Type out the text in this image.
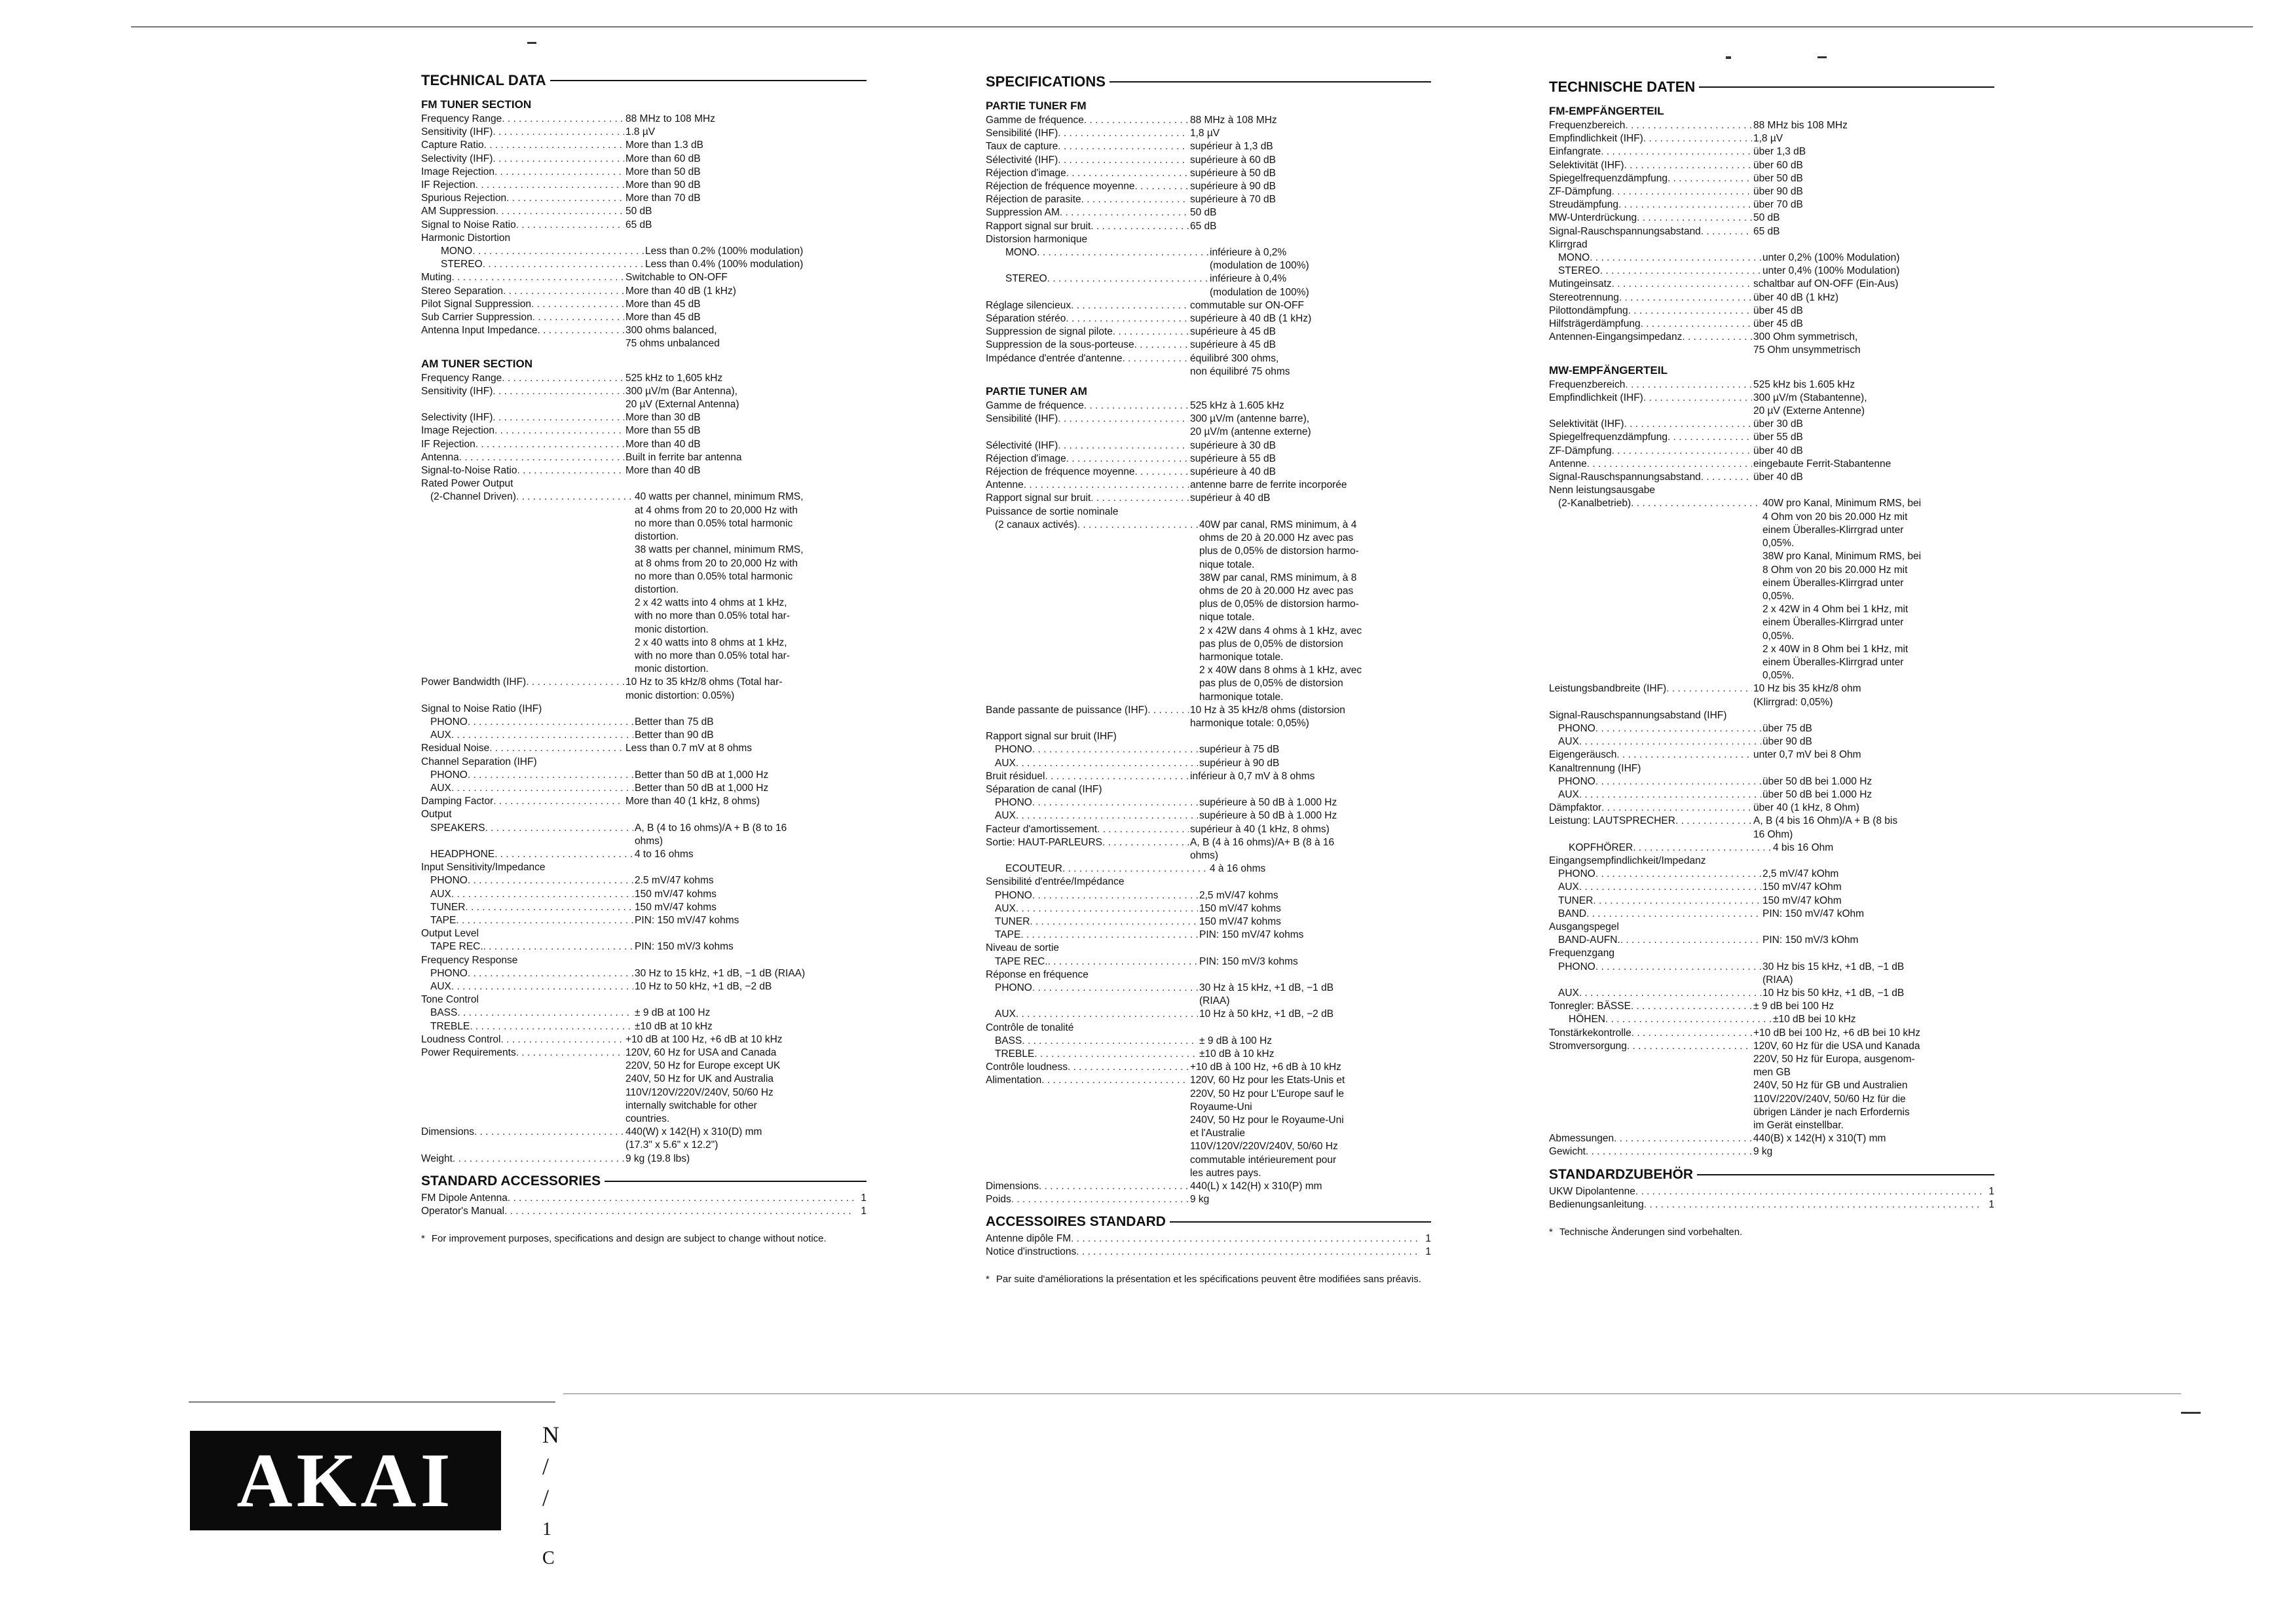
TECHNICAL DATA
FM TUNER SECTION
Frequency Range . . .	88 MHz to 108 MHz
Sensitivity (IHF) . . .	1.8 µV
Capture Ratio . . .	More than 1.3 dB
Selectivity (IHF) . . .	More than 60 dB
Image Rejection . . .	More than 50 dB
IF Rejection . . .	More than 90 dB
Spurious Rejection . . .	More than 70 dB
AM Suppression . . .	50 dB
Signal to Noise Ratio . . .	65 dB
Harmonic Distortion
MONO . . .	Less than 0.2% (100% modulation)
STEREO . . .	Less than 0.4% (100% modulation)
Muting . . .	Switchable to ON-OFF
Stereo Separation . . .	More than 40 dB (1 kHz)
Pilot Signal Suppression . . .	More than 45 dB
Sub Carrier Suppression . . .	More than 45 dB
Antenna Input Impedance . . .	300 ohms balanced,
75 ohms unbalanced
AM TUNER SECTION
Frequency Range . . .	525 kHz to 1,605 kHz
Sensitivity (IHF) . . .	300 µV/m (Bar Antenna),
20 µV (External Antenna)
Selectivity (IHF) . . .	More than 30 dB
Image Rejection . . .	More than 55 dB
IF Rejection . . .	More than 40 dB
Antenna . . .	Built in ferrite bar antenna
Signal-to-Noise Ratio . . .	More than 40 dB
Rated Power Output
(2-Channel Driven) . . .	40 watts per channel, minimum RMS,
at 4 ohms from 20 to 20,000 Hz with
no more than 0.05% total harmonic
distortion.
38 watts per channel, minimum RMS,
at 8 ohms from 20 to 20,000 Hz with
no more than 0.05% total harmonic
distortion.
2 x 42 watts into 4 ohms at 1 kHz,
with no more than 0.05% total har-
monic distortion.
2 x 40 watts into 8 ohms at 1 kHz,
with no more than 0.05% total har-
monic distortion.
Power Bandwidth (IHF) . . .	10 Hz to 35 kHz/8 ohms (Total har-
monic distortion: 0.05%)
Signal to Noise Ratio (IHF)
PHONO . . .	Better than 75 dB
AUX . . .	Better than 90 dB
Residual Noise . . .	Less than 0.7 mV at 8 ohms
Channel Separation (IHF)
PHONO . . .	Better than 50 dB at 1,000 Hz
AUX . . .	Better than 50 dB at 1,000 Hz
Damping Factor . . .	More than 40 (1 kHz, 8 ohms)
Output
SPEAKERS . . .	A, B (4 to 16 ohms)/A + B (8 to 16
ohms)
HEADPHONE . . .	4 to 16 ohms
Input Sensitivity/Impedance
PHONO . . .	2.5 mV/47 kohms
AUX . . .	150 mV/47 kohms
TUNER . . .	150 mV/47 kohms
TAPE . . .	PIN: 150 mV/47 kohms
Output Level
TAPE REC. . . .	PIN: 150 mV/3 kohms
Frequency Response
PHONO . . .	30 Hz to 15 kHz, +1 dB, −1 dB (RIAA)
AUX . . .	10 Hz to 50 kHz, +1 dB, −2 dB
Tone Control
BASS . . .	± 9 dB at 100 Hz
TREBLE . . .	±10 dB at 10 kHz
Loudness Control . . .	+10 dB at 100 Hz, +6 dB at 10 kHz
Power Requirements . . .	120V, 60 Hz for USA and Canada
220V, 50 Hz for Europe except UK
240V, 50 Hz for UK and Australia
110V/120V/220V/240V, 50/60 Hz
internally switchable for other
countries.
Dimensions . . .	440(W) x 142(H) x 310(D) mm
(17.3" x 5.6" x 12.2")
Weight . . .	9 kg (19.8 lbs)
STANDARD ACCESSORIES
FM Dipole Antenna . . .	1
Operator's Manual . . .	1
* For improvement purposes, specifications and design are subject to change without notice.
SPECIFICATIONS
PARTIE TUNER FM
Gamme de fréquence . . .	88 MHz à 108 MHz
Sensibilité (IHF) . . .	1,8 µV
Taux de capture . . .	supérieur à 1,3 dB
Sélectivité (IHF) . . .	supérieure à 60 dB
Réjection d'image . . .	supérieure à 50 dB
Réjection de fréquence moyenne . . .	supérieure à 90 dB
Réjection de parasite . . .	supérieure à 70 dB
Suppression AM . . .	50 dB
Rapport signal sur bruit . . .	65 dB
Distorsion harmonique
MONO . . .	inférieure à 0,2%
(modulation de 100%)
STEREO . . .	inférieure à 0,4%
(modulation de 100%)
Réglage silencieux . . .	commutable sur ON-OFF
Séparation stéréo . . .	supérieure à 40 dB (1 kHz)
Suppression de signal pilote . . .	supérieure à 45 dB
Suppression de la sous-porteuse . . .	supérieure à 45 dB
Impédance d'entrée d'antenne . . .	équilibré 300 ohms,
non équilibré 75 ohms
PARTIE TUNER AM
Gamme de fréquence . . .	525 kHz à 1.605 kHz
Sensibilité (IHF) . . .	300 µV/m (antenne barre),
20 µV/m (antenne externe)
Sélectivité (IHF) . . .	supérieure à 30 dB
Réjection d'image . . .	supérieure à 55 dB
Réjection de fréquence moyenne . . .	supérieure à 40 dB
Antenne . . .	antenne barre de ferrite incorporée
Rapport signal sur bruit . . .	supérieur à 40 dB
Puissance de sortie nominale
(2 canaux activés) . . .	40W par canal, RMS minimum, à 4
ohms de 20 à 20.000 Hz avec pas
plus de 0,05% de distorsion harmo-
nique totale.
38W par canal, RMS minimum, à 8
ohms de 20 à 20.000 Hz avec pas
plus de 0,05% de distorsion harmo-
nique totale.
2 x 42W dans 4 ohms à 1 kHz, avec
pas plus de 0,05% de distorsion
harmonique totale.
2 x 40W dans 8 ohms à 1 kHz, avec
pas plus de 0,05% de distorsion
harmonique totale.
Bande passante de puissance (IHF) . . .	10 Hz à 35 kHz/8 ohms (distorsion
harmonique totale: 0,05%)
Rapport signal sur bruit (IHF)
PHONO . . .	supérieur à 75 dB
AUX . . .	supérieur à 90 dB
Bruit résiduel . . .	inférieur à 0,7 mV à 8 ohms
Séparation de canal (IHF)
PHONO . . .	supérieure à 50 dB à 1.000 Hz
AUX . . .	supérieure à 50 dB à 1.000 Hz
Facteur d'amortissement . . .	supérieur à 40 (1 kHz, 8 ohms)
Sortie: HAUT-PARLEURS . . .	A, B (4 à 16 ohms)/A+ B (8 à 16
ohms)
ECOUTEUR . . .	4 à 16 ohms
Sensibilité d'entrée/Impédance
PHONO . . .	2,5 mV/47 kohms
AUX . . .	150 mV/47 kohms
TUNER . . .	150 mV/47 kohms
TAPE . . .	PIN: 150 mV/47 kohms
Niveau de sortie
TAPE REC. . . .	PIN: 150 mV/3 kohms
Réponse en fréquence
PHONO . . .	30 Hz à 15 kHz, +1 dB, −1 dB
(RIAA)
AUX . . .	10 Hz à 50 kHz, +1 dB, −2 dB
Contrôle de tonalité
BASS . . .	± 9 dB à 100 Hz
TREBLE . . .	±10 dB à 10 kHz
Contrôle loudness . . .	+10 dB à 100 Hz, +6 dB à 10 kHz
Alimentation . . .	120V, 60 Hz pour les Etats-Unis et
220V, 50 Hz pour L'Europe sauf le
Royaume-Uni
240V, 50 Hz pour le Royaume-Uni
et l'Australie
110V/120V/220V/240V, 50/60 Hz
commutable intérieurement pour
les autres pays.
Dimensions . . .	440(L) x 142(H) x 310(P) mm
Poids . . .	9 kg
ACCESSOIRES STANDARD
Antenne dipôle FM . . .	1
Notice d'instructions . . .	1
* Par suite d'améliorations la présentation et les spécifications peuvent être modifiées sans préavis.
TECHNISCHE DATEN
FM-EMPFÄNGERTEIL
Frequenzbereich . . .	88 MHz bis 108 MHz
Empfindlichkeit (IHF) . . .	1,8 µV
Einfangrate . . .	über 1,3 dB
Selektivität (IHF) . . .	über 60 dB
Spiegelfrequenzdämpfung . . .	über 50 dB
ZF-Dämpfung . . .	über 90 dB
Streudämpfung . . .	über 70 dB
MW-Unterdrückung . . .	50 dB
Signal-Rauschspannungsabstand . . .	65 dB
Klirrgrad
MONO . . .	unter 0,2% (100% Modulation)
STEREO . . .	unter 0,4% (100% Modulation)
Mutingeinsatz . . .	schaltbar auf ON-OFF (Ein-Aus)
Stereotrennung . . .	über 40 dB (1 kHz)
Pilottondämpfung . . .	über 45 dB
Hilfsträgerdämpfung . . .	über 45 dB
Antennen-Eingangsimpedanz . . .	300 Ohm symmetrisch,
75 Ohm unsymmetrisch
MW-EMPFÄNGERTEIL
Frequenzbereich . . .	525 kHz bis 1.605 kHz
Empfindlichkeit (IHF) . . .	300 µV/m (Stabantenne),
20 µV (Externe Antenne)
Selektivität (IHF) . . .	über 30 dB
Spiegelfrequenzdämpfung . . .	über 55 dB
ZF-Dämpfung . . .	über 40 dB
Antenne . . .	eingebaute Ferrit-Stabantenne
Signal-Rauschspannungsabstand . . .	über 40 dB
Nenn leistungsausgabe
(2-Kanalbetrieb) . . .	40W pro Kanal, Minimum RMS, bei
4 Ohm von 20 bis 20.000 Hz mit
einem Überalles-Klirrgrad unter
0,05%.
38W pro Kanal, Minimum RMS, bei
8 Ohm von 20 bis 20.000 Hz mit
einem Überalles-Klirrgrad unter
0,05%.
2 x 42W in 4 Ohm bei 1 kHz, mit
einem Überalles-Klirrgrad unter
0,05%.
2 x 40W in 8 Ohm bei 1 kHz, mit
einem Überalles-Klirrgrad unter
0,05%.
Leistungsbandbreite (IHF) . . .	10 Hz bis 35 kHz/8 ohm
(Klirrgrad: 0,05%)
Signal-Rauschspannungsabstand (IHF)
PHONO . . .	über 75 dB
AUX . . .	über 90 dB
Eigengeräusch . . .	unter 0,7 mV bei 8 Ohm
Kanaltrennung (IHF)
PHONO . . .	über 50 dB bei 1.000 Hz
AUX . . .	über 50 dB bei 1.000 Hz
Dämpfaktor . . .	über 40 (1 kHz, 8 Ohm)
Leistung: LAUTSPRECHER . . .	A, B (4 bis 16 Ohm)/A + B (8 bis
16 Ohm)
KOPFHÖRER . . .	4 bis 16 Ohm
Eingangsempfindlichkeit/Impedanz
PHONO . . .	2,5 mV/47 kOhm
AUX . . .	150 mV/47 kOhm
TUNER . . .	150 mV/47 kOhm
BAND . . .	PIN: 150 mV/47 kOhm
Ausgangspegel
BAND-AUFN. . . .	PIN: 150 mV/3 kOhm
Frequenzgang
PHONO . . .	30 Hz bis 15 kHz, +1 dB, −1 dB
(RIAA)
AUX . . .	10 Hz bis 50 kHz, +1 dB, −1 dB
Tonregler: BÄSSE . . .	± 9 dB bei 100 Hz
HÖHEN . . .	±10 dB bei 10 kHz
Tonstärkekontrolle . . .	+10 dB bei 100 Hz, +6 dB bei 10 kHz
Stromversorgung . . .	120V, 60 Hz für die USA und Kanada
220V, 50 Hz für Europa, ausgenom-
men GB
240V, 50 Hz für GB und Australien
110V/220V/240V, 50/60 Hz für die
übrigen Länder je nach Erfordernis
im Gerät einstellbar.
Abmessungen . . .	440(B) x 142(H) x 310(T) mm
Gewicht . . .	9 kg
STANDARDZUBEHÖR
UKW Dipolantenne . . .	1
Bedienungsanleitung . . .	1
* Technische Änderungen sind vorbehalten.
AKAI
N
/
/
1
C
